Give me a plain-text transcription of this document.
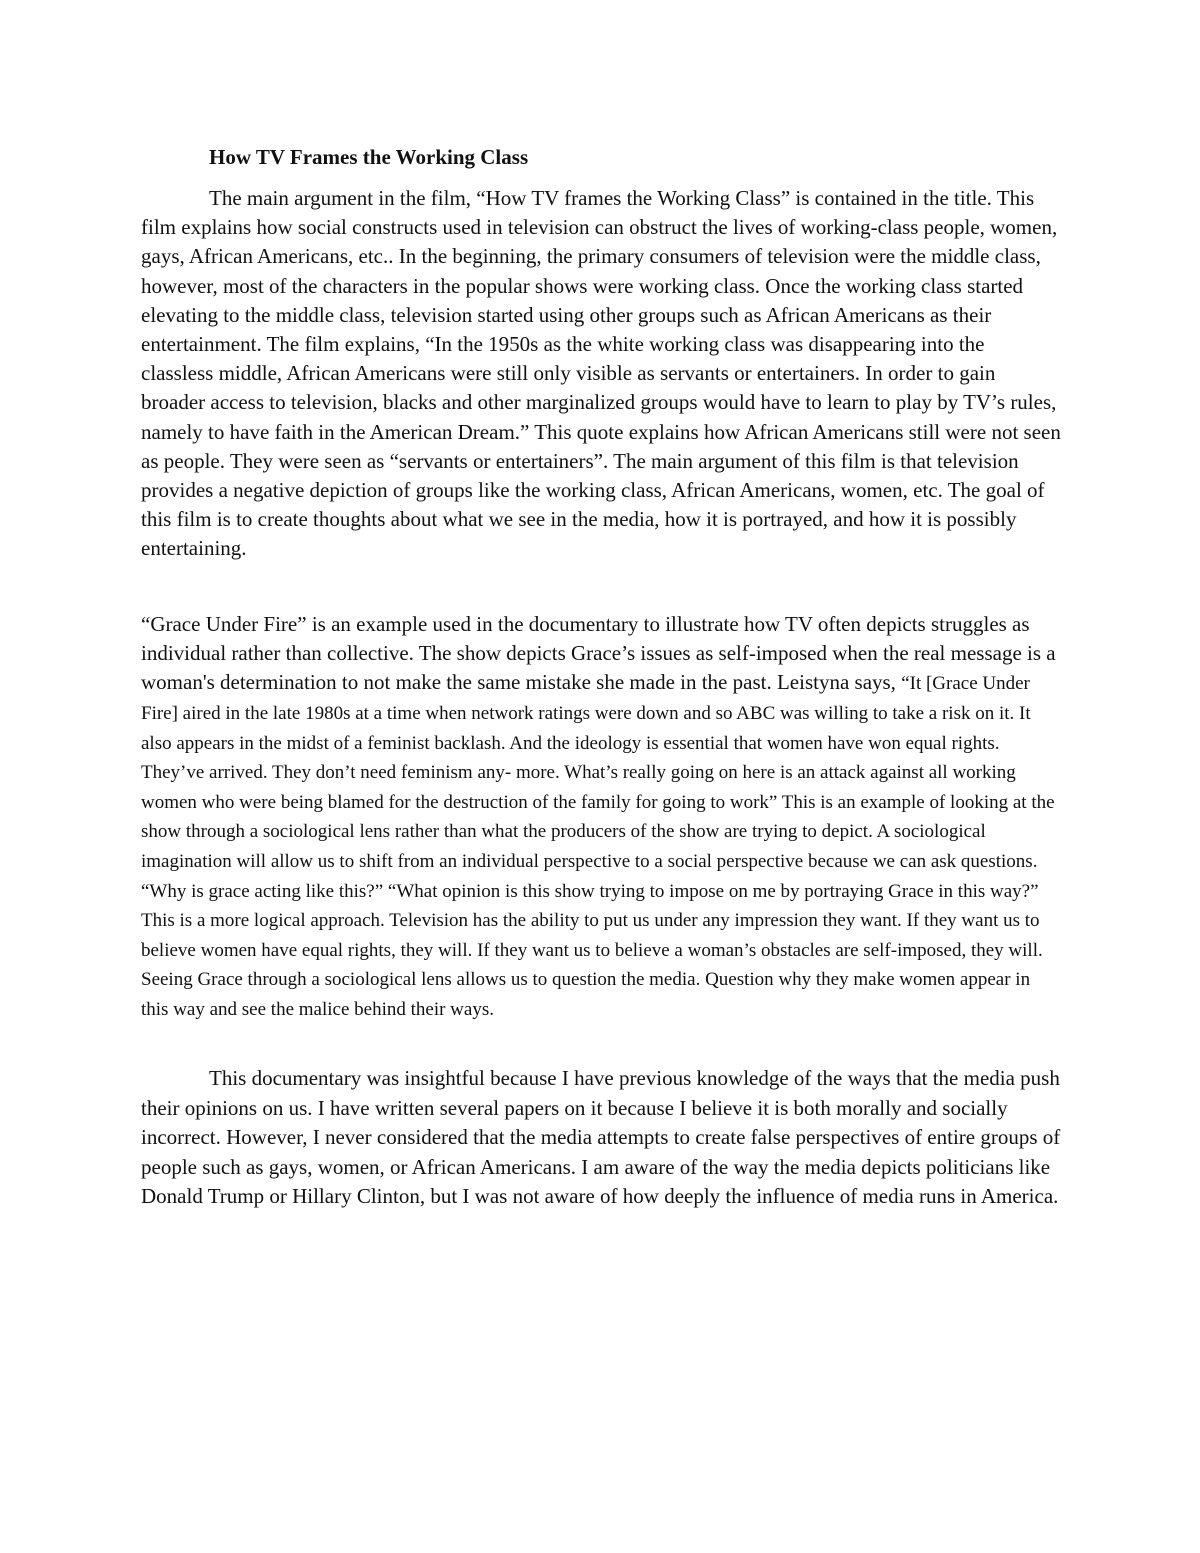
How TV Frames the Working Class

The main argument in the film, “How TV frames the Working Class” is contained in the title. This film explains how social constructs used in television can obstruct the lives of working-class people, women, gays, African Americans, etc.. In the beginning, the primary consumers of television were the middle class, however, most of the characters in the popular shows were working class. Once the working class started elevating to the middle class, television started using other groups such as African Americans as their entertainment. The film explains, “In the 1950s as the white working class was disappearing into the classless middle, African Americans were still only visible as servants or entertainers. In order to gain broader access to television, blacks and other marginalized groups would have to learn to play by TV’s rules, namely to have faith in the American Dream.” This quote explains how African Americans still were not seen as people. They were seen as “servants or entertainers”. The main argument of this film is that television provides a negative depiction of groups like the working class, African Americans, women, etc. The goal of this film is to create thoughts about what we see in the media, how it is portrayed, and how it is possibly entertaining.

“Grace Under Fire” is an example used in the documentary to illustrate how TV often depicts struggles as individual rather than collective. The show depicts Grace’s issues as self-imposed when the real message is a woman's determination to not make the same mistake she made in the past. Leistyna says, “It [Grace Under Fire] aired in the late 1980s at a time when network ratings were down and so ABC was willing to take a risk on it. It also appears in the midst of a feminist backlash. And the ideology is essential that women have won equal rights. They’ve arrived. They don’t need feminism any- more. What’s really going on here is an attack against all working women who were being blamed for the destruction of the family for going to work” This is an example of looking at the show through a sociological lens rather than what the producers of the show are trying to depict. A sociological imagination will allow us to shift from an individual perspective to a social perspective because we can ask questions. “Why is grace acting like this?” “What opinion is this show trying to impose on me by portraying Grace in this way?” This is a more logical approach. Television has the ability to put us under any impression they want. If they want us to believe women have equal rights, they will. If they want us to believe a woman’s obstacles are self-imposed, they will. Seeing Grace through a sociological lens allows us to question the media. Question why they make women appear in this way and see the malice behind their ways.

This documentary was insightful because I have previous knowledge of the ways that the media push their opinions on us. I have written several papers on it because I believe it is both morally and socially incorrect. However, I never considered that the media attempts to create false perspectives of entire groups of people such as gays, women, or African Americans. I am aware of the way the media depicts politicians like Donald Trump or Hillary Clinton, but I was not aware of how deeply the influence of media runs in America.
